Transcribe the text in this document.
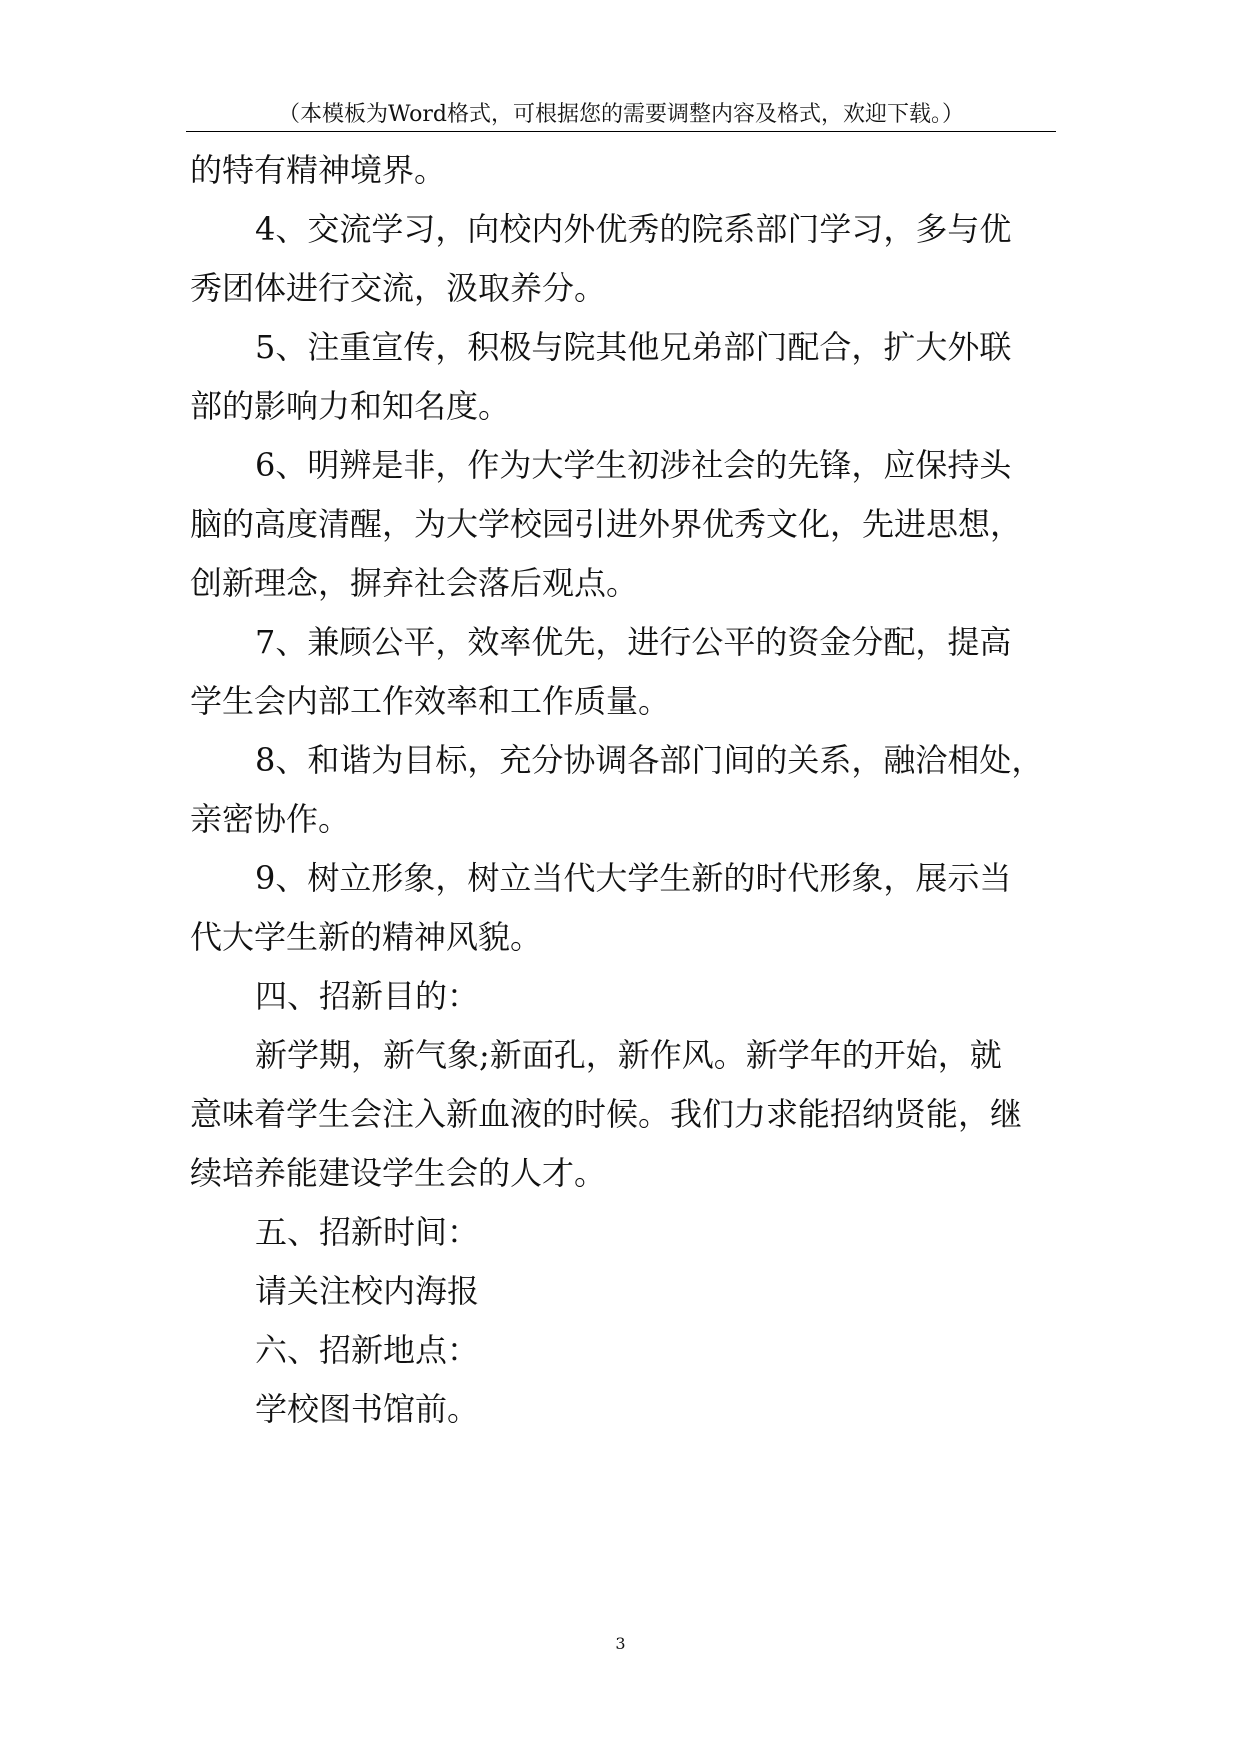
（本模板为Word格式，可根据您的需要调整内容及格式，欢迎下载。）
的特有精神境界。
4、交流学习，向校内外优秀的院系部门学习，多与优
秀团体进行交流，汲取养分。
5、注重宣传，积极与院其他兄弟部门配合，扩大外联
部的影响力和知名度。
6、明辨是非，作为大学生初涉社会的先锋，应保持头
脑的高度清醒，为大学校园引进外界优秀文化，先进思想，
创新理念，摒弃社会落后观点。
7、兼顾公平，效率优先，进行公平的资金分配，提高
学生会内部工作效率和工作质量。
8、和谐为目标，充分协调各部门间的关系，融洽相处，
亲密协作。
9、树立形象，树立当代大学生新的时代形象，展示当
代大学生新的精神风貌。
四、招新目的：
新学期，新气象;新面孔，新作风。新学年的开始，就
意味着学生会注入新血液的时候。我们力求能招纳贤能，继
续培养能建设学生会的人才。
五、招新时间：
请关注校内海报
六、招新地点：
学校图书馆前。
3
